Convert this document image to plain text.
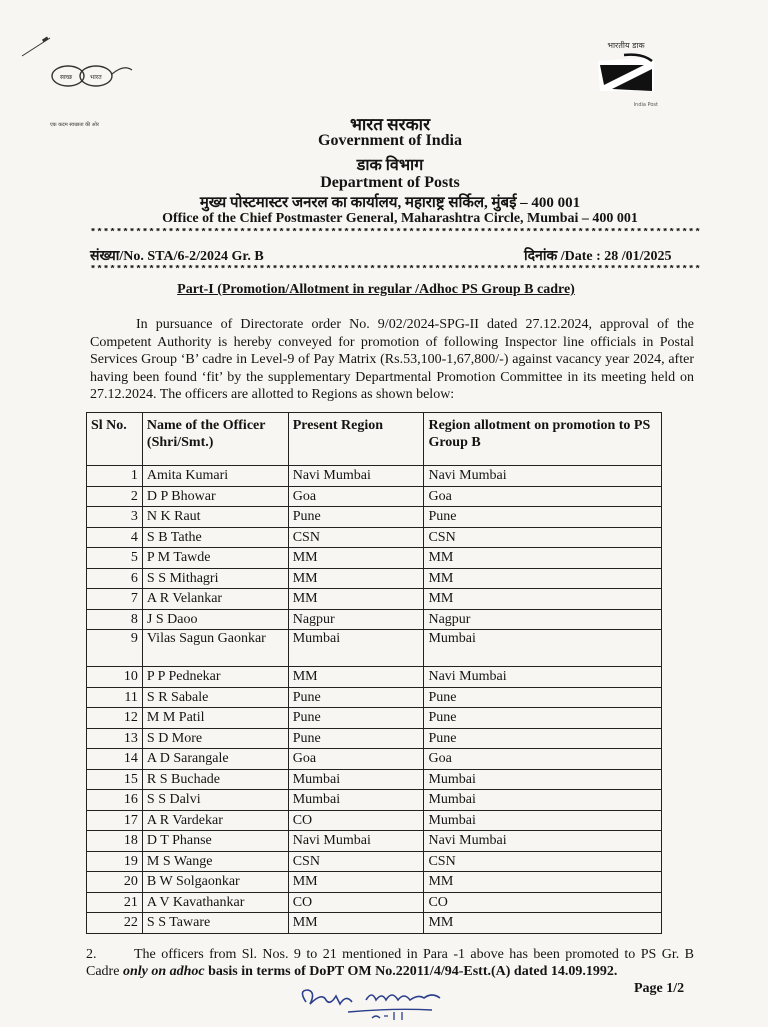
स्वच्छ	भारत
एक कदम स्वच्छता की ओर
भारतीय डाक
India Post
भारत सरकार
Government of India
डाक विभाग
Department of Posts
मुख्य पोस्टमास्टर जनरल का कार्यालय, महाराष्ट्र सर्किल, मुंबई – 400 001
Office of the Chief Postmaster General, Maharashtra Circle, Mumbai – 400 001
**********************************************************************************************
संख्या/No. STA/6-2/2024 Gr. B	दिनांक /Date : 28 /01/2025
**********************************************************************************************
Part-I (Promotion/Allotment in regular /Adhoc PS Group B cadre)
In pursuance of Directorate order No. 9/02/2024-SPG-II dated 27.12.2024, approval of the Competent Authority is hereby conveyed for promotion of following Inspector line officials in Postal Services Group ‘B’ cadre in Level-9 of Pay Matrix (Rs.53,100-1,67,800/-) against vacancy year 2024, after having been found ‘fit’ by the supplementary Departmental Promotion Committee in its meeting held on 27.12.2024. The officers are allotted to Regions as shown below:
Sl No.	Name of the Officer (Shri/Smt.)	Present Region	Region allotment on promotion to PS Group B
1	Amita Kumari	Navi Mumbai	Navi Mumbai
2	D P Bhowar	Goa	Goa
3	N K Raut	Pune	Pune
4	S B Tathe	CSN	CSN
5	P M Tawde	MM	MM
6	S S Mithagri	MM	MM
7	A R Velankar	MM	MM
8	J S Daoo	Nagpur	Nagpur
9	Vilas Sagun Gaonkar	Mumbai	Mumbai
10	P P Pednekar	MM	Navi Mumbai
11	S R Sabale	Pune	Pune
12	M M Patil	Pune	Pune
13	S D More	Pune	Pune
14	A D Sarangale	Goa	Goa
15	R S Buchade	Mumbai	Mumbai
16	S S Dalvi	Mumbai	Mumbai
17	A R Vardekar	CO	Mumbai
18	D T Phanse	Navi Mumbai	Navi Mumbai
19	M S Wange	CSN	CSN
20	B W Solgaonkar	MM	MM
21	A V Kavathankar	CO	CO
22	S S Taware	MM	MM
2.	The officers from Sl. Nos. 9 to 21 mentioned in Para -1 above has been promoted to PS Gr. B Cadre only on adhoc basis in terms of DoPT OM No.22011/4/94-Estt.(A) dated 14.09.1992.
Page 1/2
